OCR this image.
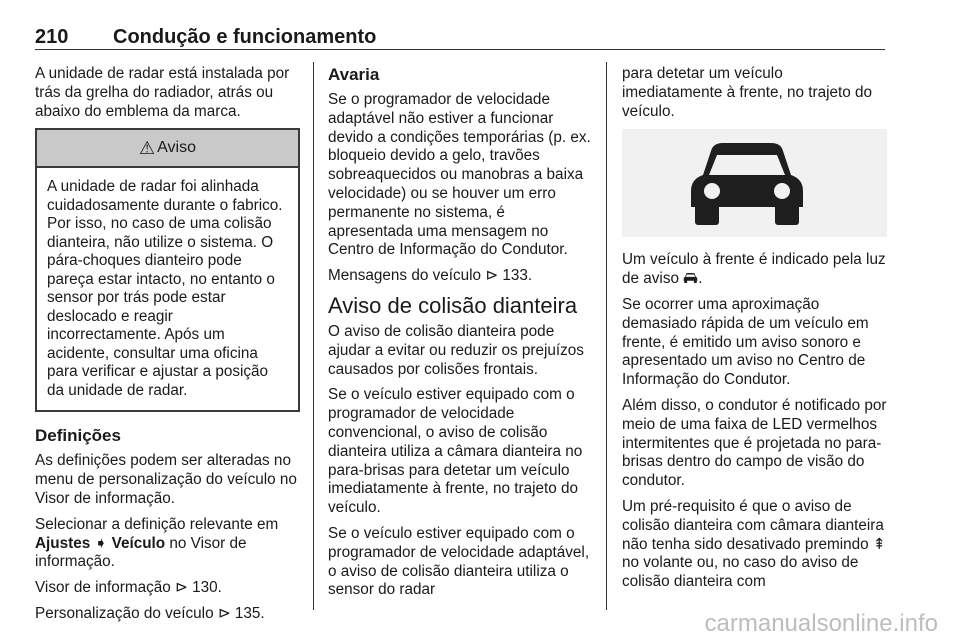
210 Condução e funcionamento

A unidade de radar está instalada por trás da grelha do radiador, atrás ou abaixo do emblema da marca.

⚠ Aviso
A unidade de radar foi alinhada cuidadosamente durante o fabrico. Por isso, no caso de uma colisão dianteira, não utilize o sistema. O pára-choques dianteiro pode pareça estar intacto, no entanto o sensor por trás pode estar deslocado e reagir incorrectamente. Após um acidente, consultar uma oficina para verificar e ajustar a posição da unidade de radar.
Definições

As definições podem ser alteradas no menu de personalização do veículo no Visor de informação.

Selecionar a definição relevante em Ajustes ➧ Veículo no Visor de informação.

Visor de informação ⊳ 130.

Personalização do veículo ⊳ 135.

Avaria

Se o programador de velocidade adaptável não estiver a funcionar devido a condições temporárias (p. ex. bloqueio devido a gelo, travões sobreaquecidos ou manobras a baixa velocidade) ou se houver um erro permanente no sistema, é apresentada uma mensagem no Centro de Informação do Condutor.

Mensagens do veículo ⊳ 133.

Aviso de colisão dianteira

O aviso de colisão dianteira pode ajudar a evitar ou reduzir os prejuízos causados por colisões frontais.

Se o veículo estiver equipado com o programador de velocidade convencional, o aviso de colisão dianteira utiliza a câmara dianteira no para-brisas para detetar um veículo imediatamente à frente, no trajeto do veículo.

Se o veículo estiver equipado com o programador de velocidade adaptável, o aviso de colisão dianteira utiliza o sensor do radar

para detetar um veículo imediatamente à frente, no trajeto do veículo.

Um veículo à frente é indicado pela luz de aviso .

Se ocorrer uma aproximação demasiado rápida de um veículo em frente, é emitido um aviso sonoro e apresentado um aviso no Centro de Informação do Condutor.

Além disso, o condutor é notificado por meio de uma faixa de LED vermelhos intermitentes que é projetada no para-brisas dentro do campo de visão do condutor.

Um pré-requisito é que o aviso de colisão dianteira com câmara dianteira não tenha sido desativado premindo ⇞ no volante ou, no caso do aviso de colisão dianteira com

carmanualsonline.info
